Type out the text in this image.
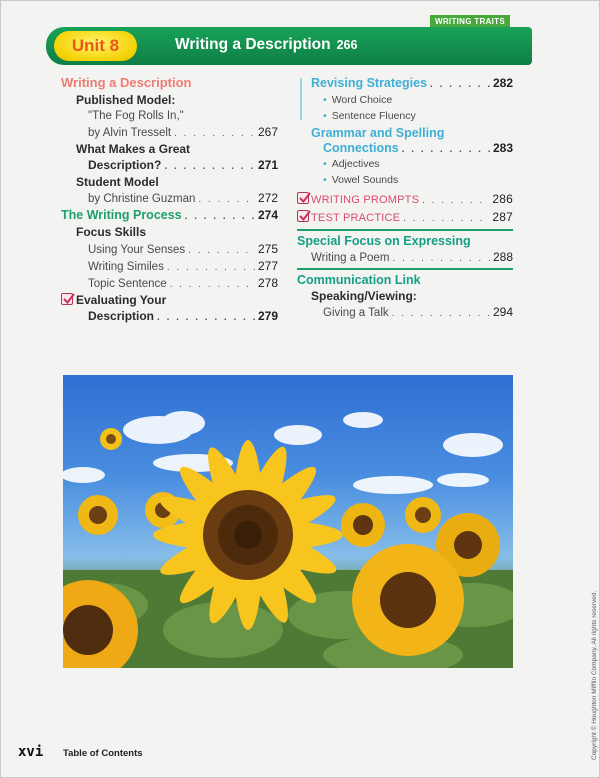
WRITING TRAITS
Unit 8	Writing a Description 266
Writing a Description
Published Model:
"The Fog Rolls In,"
by Alvin Tresselt . . .	267
What Makes a Great
Description? . . .	271
Student Model
by Christine Guzman . . .	272
The Writing Process . . .	274
Focus Skills
Using Your Senses . . .	275
Writing Similes . . .	277
Topic Sentence . . .	278
Evaluating Your
Description . . .	279
Revising Strategies . . .	282
• Word Choice
• Sentence Fluency
Grammar and Spelling
Connections . . .	283
• Adjectives
• Vowel Sounds
WRITING PROMPTS . . .	286
TEST PRACTICE . . .	287
Special Focus on Expressing
Writing a Poem . . .	288
Communication Link
Speaking/Viewing:
Giving a Talk . . .	294
Copyright © Houghton Mifflin Company. All rights reserved.
xvi Table of Contents
